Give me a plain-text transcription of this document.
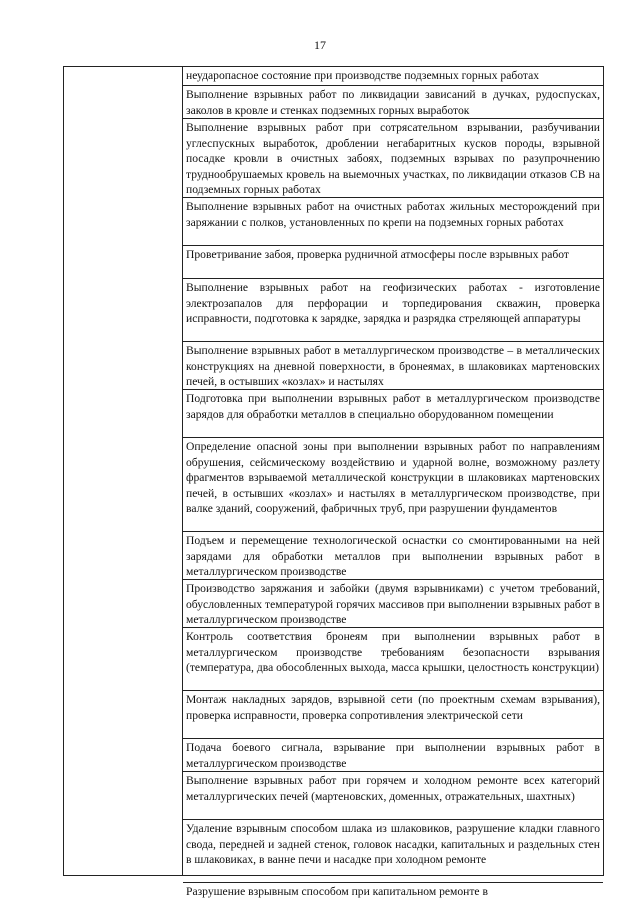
17
неударопасное состояние при производстве подземных горных работах
Выполнение взрывных работ по ликвидации зависаний в дучках, рудоспусках, заколов в кровле и стенках подземных горных выработок
Выполнение взрывных работ при сотрясательном взрывании, разбучивании углеспускных выработок, дроблении негабаритных кусков породы, взрывной посадке кровли в очистных забоях, подземных взрывах по разупрочнению труднообрушаемых кровель на выемочных участках, по ликвидации отказов СВ на подземных горных работах
Выполнение взрывных работ на очистных работах жильных месторождений при заряжании с полков, установленных по крепи на подземных горных работах
Проветривание забоя, проверка рудничной атмосферы после взрывных работ
Выполнение взрывных работ на геофизических работах - изготовление электрозапалов для перфорации и торпедирования скважин, проверка исправности, подготовка к зарядке, зарядка и разрядка стреляющей аппаратуры
Выполнение взрывных работ в металлургическом производстве – в металлических конструкциях на дневной поверхности, в бронеямах, в шлаковиках мартеновских печей, в остывших «козлах» и настылях
Подготовка при выполнении взрывных работ в металлургическом производстве зарядов для обработки металлов в специально оборудованном помещении
Определение опасной зоны при выполнении взрывных работ по направлениям обрушения, сейсмическому воздействию и ударной волне, возможному разлету фрагментов взрываемой металлической конструкции в шлаковиках мартеновских печей, в остывших «козлах» и настылях в металлургическом производстве, при валке зданий, сооружений, фабричных труб, при разрушении фундаментов
Подъем и перемещение технологической оснастки со смонтированными на ней зарядами для обработки металлов при выполнении взрывных работ в металлургическом производстве
Производство заряжания и забойки (двумя взрывниками) с учетом требований, обусловленных температурой горячих массивов при выполнении взрывных работ в металлургическом производстве
Контроль соответствия бронеям при выполнении взрывных работ в металлургическом производстве требованиям безопасности взрывания (температура, два обособленных выхода, масса крышки, целостность конструкции)
Монтаж накладных зарядов, взрывной сети (по проектным схемам взрывания), проверка исправности, проверка сопротивления электрической сети
Подача боевого сигнала, взрывание при выполнении взрывных работ в металлургическом производстве
Выполнение взрывных работ при горячем и холодном ремонте всех категорий металлургических печей (мартеновских, доменных, отражательных, шахтных)
Удаление взрывным способом шлака из шлаковиков, разрушение кладки главного свода, передней и задней стенок, головок насадки, капитальных и раздельных стен в шлаковиках, в ванне печи и насадке при холодном ремонте
Разрушение взрывным способом при капитальном ремонте в
